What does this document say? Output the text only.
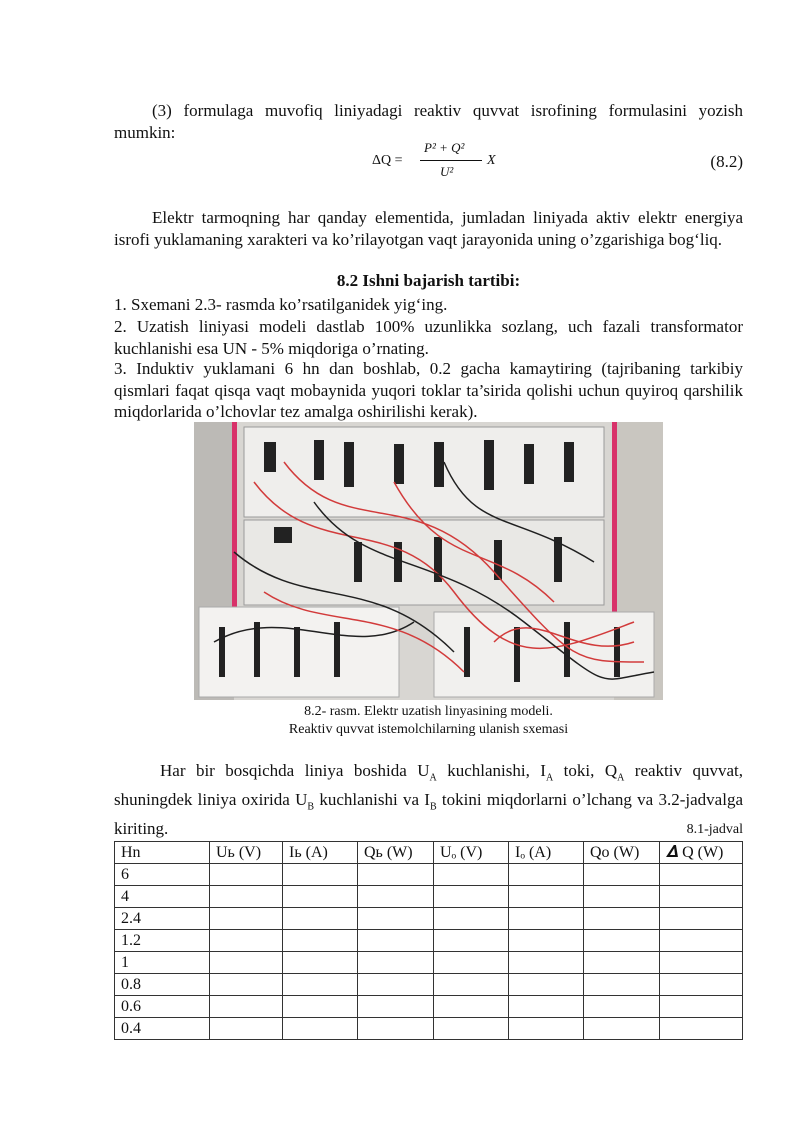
(3) formulaga muvofiq liniyadagi reaktiv quvvat isrofining formulasini yozish mumkin:
ΔQ =
P² + Q²
U²
X	(8.2)
Elektr tarmoqning har qanday elementida, jumladan liniyada aktiv elektr energiya isrofi yuklamaning xarakteri va ko’rilayotgan vaqt jarayonida uning o’zgarishiga bog‘liq.
8.2 Ishni bajarish tartibi:
1. Sxemani 2.3- rasmda ko’rsatilganidek yig‘ing.
2. Uzatish liniyasi modeli dastlab 100% uzunlikka sozlang, uch fazali transformator kuchlanishi esa UN - 5% miqdoriga o’rnating.
3. Induktiv yuklamani 6 hn dan boshlab, 0.2 gacha kamaytiring (tajribaning tarkibiy qismlari faqat qisqa vaqt mobaynida yuqori toklar ta’sirida qolishi uchun quyiroq qarshilik miqdorlarida o’lchovlar tez amalga oshirilishi kerak).
8.2- rasm. Elektr uzatish linyasining modeli.
Reaktiv quvvat istemolchilarning ulanish sxemasi
Har bir bosqichda liniya boshida $U_A$ kuchlanishi, $I_A$ toki, $Q_A$ reaktiv quvvat, shuningdek liniya oxirida $U_B$ kuchlanishi va $I_B$ tokini miqdorlarni o’lchang va 3.2-jadvalga kiriting.	8.1-jadval
Hn	Uь (V)	Iь (A)	Qь (W)	Uₒ (V)	Iₒ (A)	Qo (W)	𝜟 Q (W)
6							
4							
2.4							
1.2							
1							
0.8							
0.6							
0.4							
